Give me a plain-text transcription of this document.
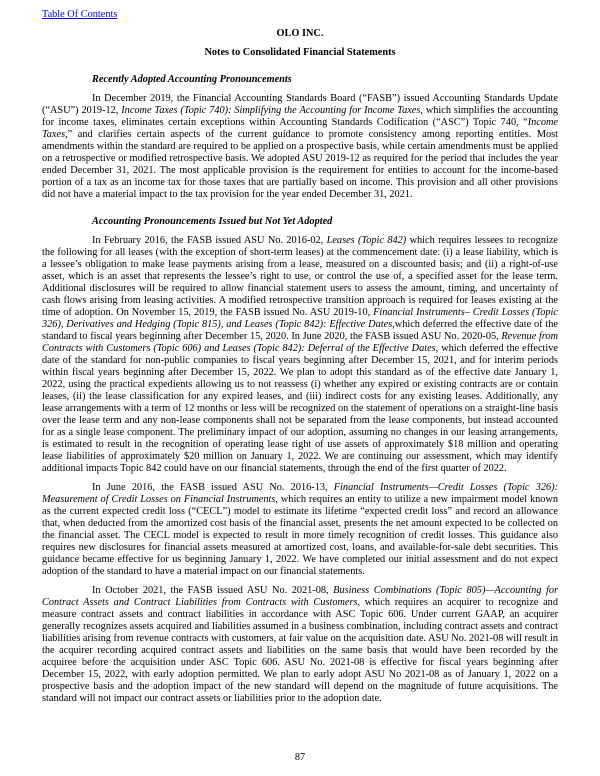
Table Of Contents
OLO INC.
Notes to Consolidated Financial Statements
Recently Adopted Accounting Pronouncements

In December 2019, the Financial Accounting Standards Board (“FASB”) issued Accounting Standards Update (“ASU”) 2019-12, Income Taxes (Topic 740): Simplifying the Accounting for Income Taxes, which simplifies the accounting for income taxes, eliminates certain exceptions within Accounting Standards Codification (“ASC”) Topic 740, “Income Taxes,” and clarifies certain aspects of the current guidance to promote consistency among reporting entities. Most amendments within the standard are required to be applied on a prospective basis, while certain amendments must be applied on a retrospective or modified retrospective basis. We adopted ASU 2019-12 as required for the period that includes the year ended December 31, 2021. The most applicable provision is the requirement for entities to account for the income-based portion of a tax as an income tax for those taxes that are partially based on income. This provision and all other provisions did not have a material impact to the tax provision for the year ended December 31, 2021.

Accounting Pronouncements Issued but Not Yet Adopted

In February 2016, the FASB issued ASU No. 2016-02, Leases (Topic 842) which requires lessees to recognize the following for all leases (with the exception of short-term leases) at the commencement date: (i) a lease liability, which is a lessee’s obligation to make lease payments arising from a lease, measured on a discounted basis; and (ii) a right-of-use asset, which is an asset that represents the lessee’s right to use, or control the use of, a specified asset for the lease term. Additional disclosures will be required to allow financial statement users to assess the amount, timing, and uncertainty of cash flows arising from leasing activities. A modified retrospective transition approach is required for leases existing at the time of adoption. On November 15, 2019, the FASB issued No. ASU 2019-10, Financial Instruments– Credit Losses (Topic 326), Derivatives and Hedging (Topic 815), and Leases (Topic 842): Effective Dates,which deferred the effective date of the standard to fiscal years beginning after December 15, 2020. In June 2020, the FASB issued ASU No. 2020-05, Revenue from Contracts with Customers (Topic 606) and Leases (Topic 842): Deferral of the Effective Dates, which deferred the effective date of the standard for non-public companies to fiscal years beginning after December 15, 2021, and for interim periods within fiscal years beginning after December 15, 2022. We plan to adopt this standard as of the effective date January 1, 2022, using the practical expedients allowing us to not reassess (i) whether any expired or existing contracts are or contain leases, (ii) the lease classification for any expired leases, and (iii) indirect costs for any existing leases. Additionally, any lease arrangements with a term of 12 months or less will be recognized on the statement of operations on a straight-line basis over the lease term and any non-lease components shall not be separated from the lease components, but instead accounted for as a single lease component. The preliminary impact of our adoption, assuming no changes in our leasing arrangements, is estimated to result in the recognition of operating lease right of use assets of approximately $18 million and operating lease liabilities of approximately $20 million on January 1, 2022. We are continuing our assessment, which may identify additional impacts Topic 842 could have on our financial statements, through the end of the first quarter of 2022.

In June 2016, the FASB issued ASU No. 2016-13, Financial Instruments—Credit Losses (Topic 326): Measurement of Credit Losses on Financial Instruments, which requires an entity to utilize a new impairment model known as the current expected credit loss (“CECL”) model to estimate its lifetime “expected credit loss” and record an allowance that, when deducted from the amortized cost basis of the financial asset, presents the net amount expected to be collected on the financial asset. The CECL model is expected to result in more timely recognition of credit losses. This guidance also requires new disclosures for financial assets measured at amortized cost, loans, and available-for-sale debt securities. This guidance became effective for us beginning January 1, 2022. We have completed our initial assessment and do not expect adoption of the standard to have a material impact on our financial statements.

In October 2021, the FASB issued ASU No. 2021-08, Business Combinations (Topic 805)—Accounting for Contract Assets and Contract Liabilities from Contracts with Customers, which requires an acquirer to recognize and measure contract assets and contract liabilities in accordance with ASC Topic 606. Under current GAAP, an acquirer generally recognizes assets acquired and liabilities assumed in a business combination, including contract assets and contract liabilities arising from revenue contracts with customers, at fair value on the acquisition date. ASU No. 2021-08 will result in the acquirer recording acquired contract assets and liabilities on the same basis that would have been recorded by the acquiree before the acquisition under ASC Topic 606. ASU No. 2021-08 is effective for fiscal years beginning after December 15, 2022, with early adoption permitted. We plan to early adopt ASU No 2021-08 as of January 1, 2022 on a prospective basis and the adoption impact of the new standard will depend on the magnitude of future acquisitions. The standard will not impact our contract assets or liabilities prior to the adoption date.

87
